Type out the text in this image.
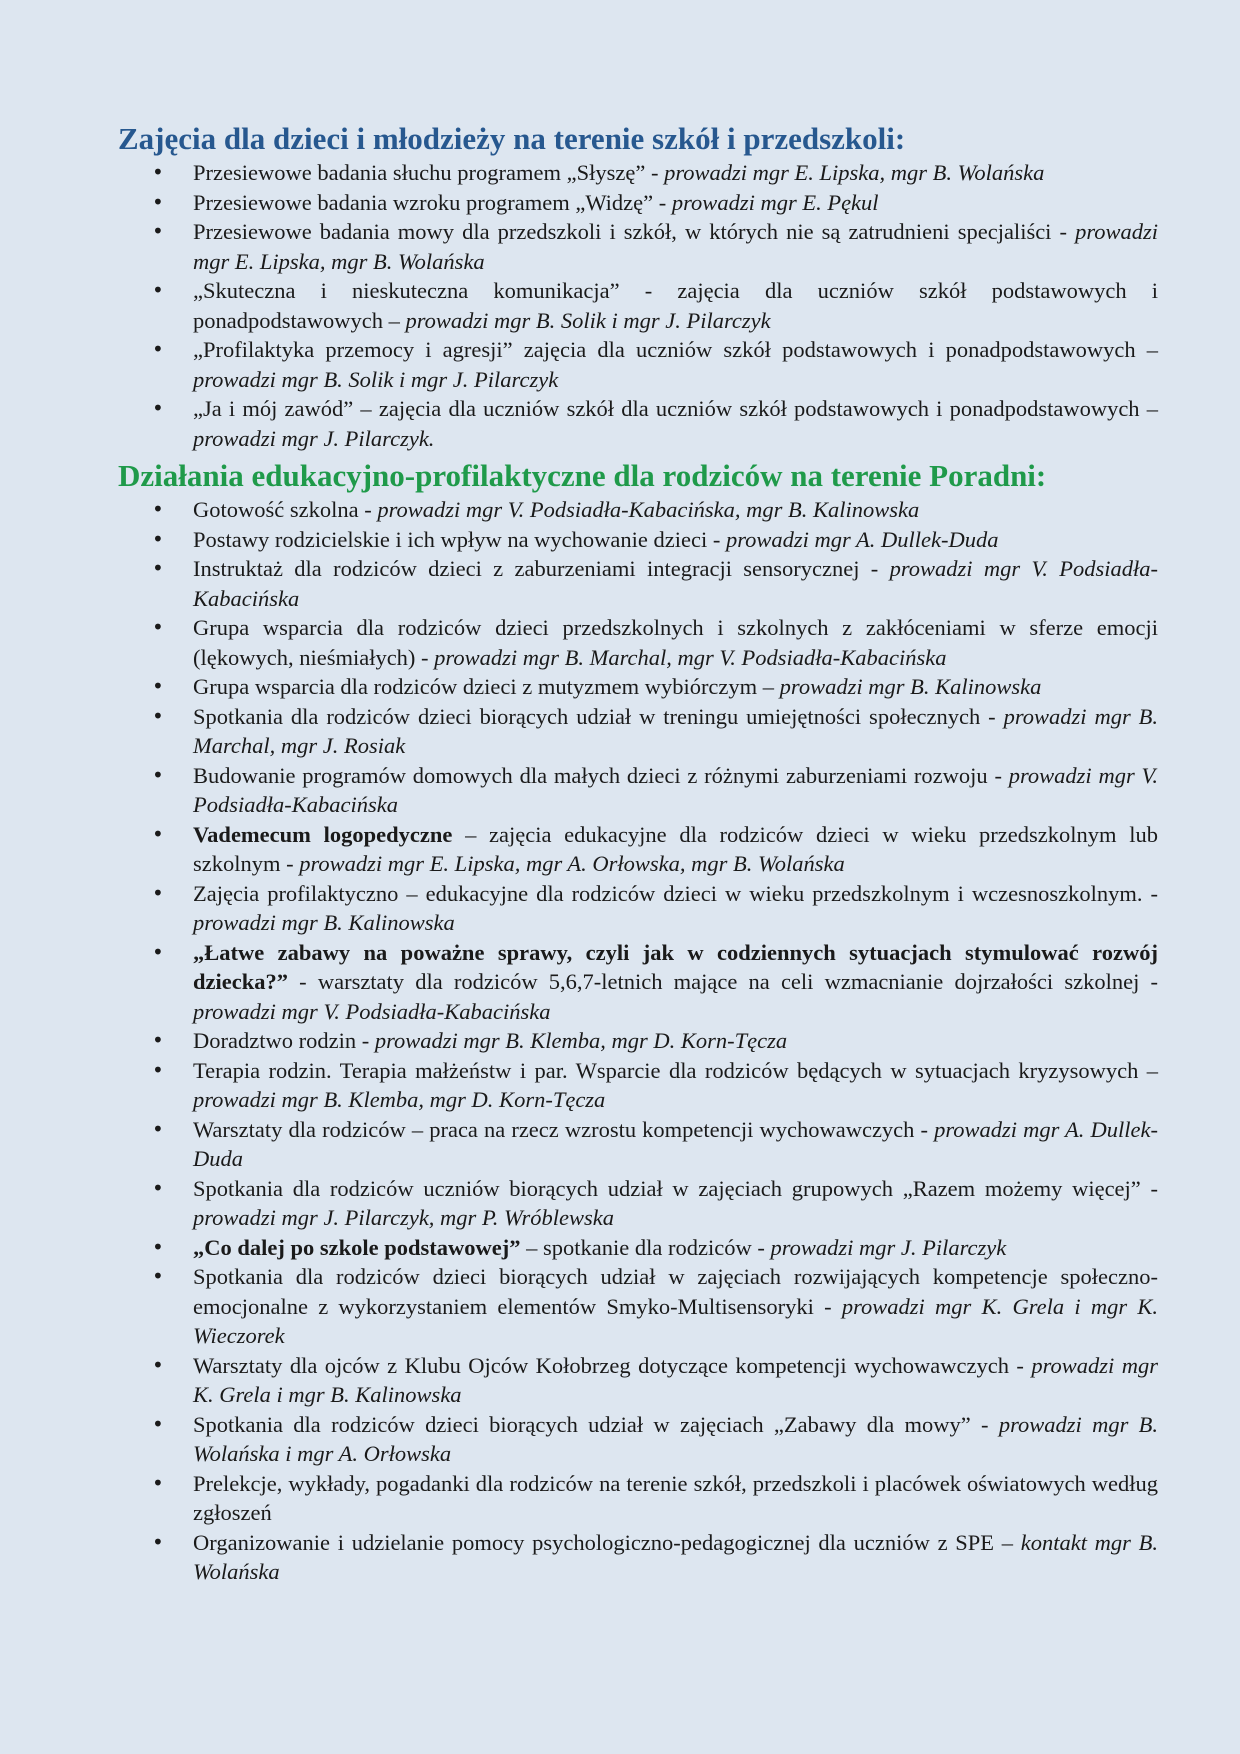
Zajęcia dla dzieci i młodzieży na terenie szkół i przedszkoli:
• Przesiewowe badania słuchu programem „Słyszę” - prowadzi mgr E. Lipska, mgr B. Wolańska
• Przesiewowe badania wzroku programem „Widzę” - prowadzi mgr E. Pękul
• Przesiewowe badania mowy dla przedszkoli i szkół, w których nie są zatrudnieni specjaliści - prowadzi mgr E. Lipska, mgr B. Wolańska
• „Skuteczna i nieskuteczna komunikacja” - zajęcia dla uczniów szkół podstawowych i ponadpodstawowych – prowadzi mgr B. Solik i mgr J. Pilarczyk
• „Profilaktyka przemocy i agresji” zajęcia dla uczniów szkół podstawowych i ponadpodstawowych – prowadzi mgr B. Solik i mgr J. Pilarczyk
• „Ja i mój zawód” – zajęcia dla uczniów szkół dla uczniów szkół podstawowych i ponadpodstawowych – prowadzi mgr J. Pilarczyk.
Działania edukacyjno-profilaktyczne dla rodziców na terenie Poradni:
• Gotowość szkolna - prowadzi mgr V. Podsiadła-Kabacińska, mgr B. Kalinowska
• Postawy rodzicielskie i ich wpływ na wychowanie dzieci - prowadzi mgr A. Dullek-Duda
• Instruktaż dla rodziców dzieci z zaburzeniami integracji sensorycznej - prowadzi mgr V. Podsiadła-Kabacińska
• Grupa wsparcia dla rodziców dzieci przedszkolnych i szkolnych z zakłóceniami w sferze emocji (lękowych, nieśmiałych) - prowadzi mgr B. Marchal, mgr V. Podsiadła-Kabacińska
• Grupa wsparcia dla rodziców dzieci z mutyzmem wybiórczym – prowadzi mgr B. Kalinowska
• Spotkania dla rodziców dzieci biorących udział w treningu umiejętności społecznych - prowadzi mgr B. Marchal, mgr J. Rosiak
• Budowanie programów domowych dla małych dzieci z różnymi zaburzeniami rozwoju - prowadzi mgr V. Podsiadła-Kabacińska
• Vademecum logopedyczne – zajęcia edukacyjne dla rodziców dzieci w wieku przedszkolnym lub szkolnym - prowadzi mgr E. Lipska, mgr A. Orłowska, mgr B. Wolańska
• Zajęcia profilaktyczno – edukacyjne dla rodziców dzieci w wieku przedszkolnym i wczesnoszkolnym. - prowadzi mgr B. Kalinowska
• „Łatwe zabawy na poważne sprawy, czyli jak w codziennych sytuacjach stymulować rozwój dziecka?” - warsztaty dla rodziców 5,6,7-letnich mające na celi wzmacnianie dojrzałości szkolnej - prowadzi mgr V. Podsiadła-Kabacińska
• Doradztwo rodzin - prowadzi mgr B. Klemba, mgr D. Korn-Tęcza
• Terapia rodzin. Terapia małżeństw i par. Wsparcie dla rodziców będących w sytuacjach kryzysowych – prowadzi mgr B. Klemba, mgr D. Korn-Tęcza
• Warsztaty dla rodziców – praca na rzecz wzrostu kompetencji wychowawczych - prowadzi mgr A. Dullek-Duda
• Spotkania dla rodziców uczniów biorących udział w zajęciach grupowych „Razem możemy więcej” - prowadzi mgr J. Pilarczyk, mgr P. Wróblewska
• „Co dalej po szkole podstawowej” – spotkanie dla rodziców - prowadzi mgr J. Pilarczyk
• Spotkania dla rodziców dzieci biorących udział w zajęciach rozwijających kompetencje społeczno-emocjonalne z wykorzystaniem elementów Smyko-Multisensoryki - prowadzi mgr K. Grela i mgr K. Wieczorek
• Warsztaty dla ojców z Klubu Ojców Kołobrzeg dotyczące kompetencji wychowawczych - prowadzi mgr K. Grela i mgr B. Kalinowska
• Spotkania dla rodziców dzieci biorących udział w zajęciach „Zabawy dla mowy” - prowadzi mgr B. Wolańska i mgr A. Orłowska
• Prelekcje, wykłady, pogadanki dla rodziców na terenie szkół, przedszkoli i placówek oświatowych według zgłoszeń
• Organizowanie i udzielanie pomocy psychologiczno-pedagogicznej dla uczniów z SPE – kontakt mgr B. Wolańska
